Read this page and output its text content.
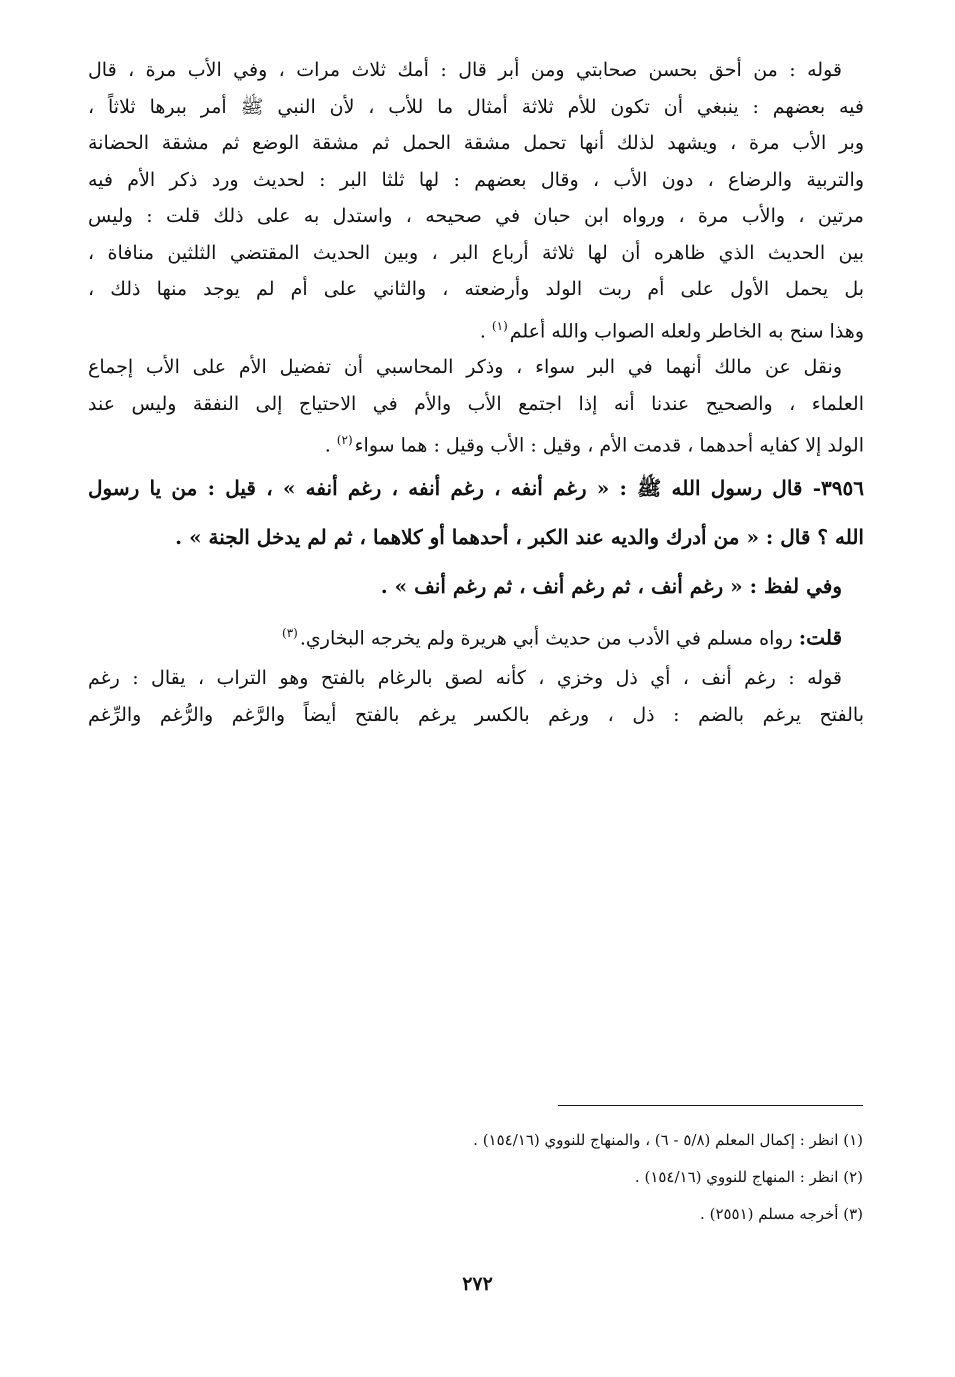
قوله : من أحق بحسن صحابتي ومن أبر قال : أمك ثلاث مرات ، وفي الأب مرة ، قال
فيه بعضهم : ينبغي أن تكون للأم ثلاثة أمثال ما للأب ، لأن النبي ﷺ أمر ببرها ثلاثاً ،
وبر الأب مرة ، ويشهد لذلك أنها تحمل مشقة الحمل ثم مشقة الوضع ثم مشقة الحضانة
والتربية والرضاع ، دون الأب ، وقال بعضهم : لها ثلثا البر : لحديث ورد ذكر الأم فيه
مرتين ، والأب مرة ، ورواه ابن حبان في صحيحه ، واستدل به على ذلك قلت : وليس
بين الحديث الذي ظاهره أن لها ثلاثة أرباع البر ، وبين الحديث المقتضي الثلثين منافاة ،
بل يحمل الأول على أم ربت الولد وأرضعته ، والثاني على أم لم يوجد منها ذلك ،
وهذا سنح به الخاطر ولعله الصواب والله أعلم$^{(١)}$ .
ونقل عن مالك أنهما في البر سواء ، وذكر المحاسبي أن تفضيل الأم على الأب إجماع
العلماء ، والصحيح عندنا أنه إذا اجتمع الأب والأم في الاحتياج إلى النفقة وليس عند
الولد إلا كفايه أحدهما ، قدمت الأم ، وقيل : الأب وقيل : هما سواء$^{(٢)}$ .
٣٩٥٦- قال رسول الله ﷺ : « رغم أنفه ، رغم أنفه ، رغم أنفه » ، قيل : من يا رسول
الله ؟ قال : « من أدرك والديه عند الكبر ، أحدهما أو كلاهما ، ثم لم يدخل الجنة » .
وفي لفظ : « رغم أنف ، ثم رغم أنف ، ثم رغم أنف » .
قلت: رواه مسلم في الأدب من حديث أبي هريرة ولم يخرجه البخاري.$^{(٣)}$
قوله : رغم أنف ، أي ذل وخزي ، كأنه لصق بالرغام بالفتح وهو التراب ، يقال : رغم
بالفتح يرغم بالضم : ذل ، ورغم بالكسر يرغم بالفتح أيضاً والرَّغم والرُّغم والرِّغم
(١) انظر : إكمال المعلم (٥/٨ - ٦) ، والمنهاج للنووي (١٥٤/١٦) .
(٢) انظر : المنهاج للنووي (١٥٤/١٦) .
(٣) أخرجه مسلم (٢٥٥١) .
٢٧٢
